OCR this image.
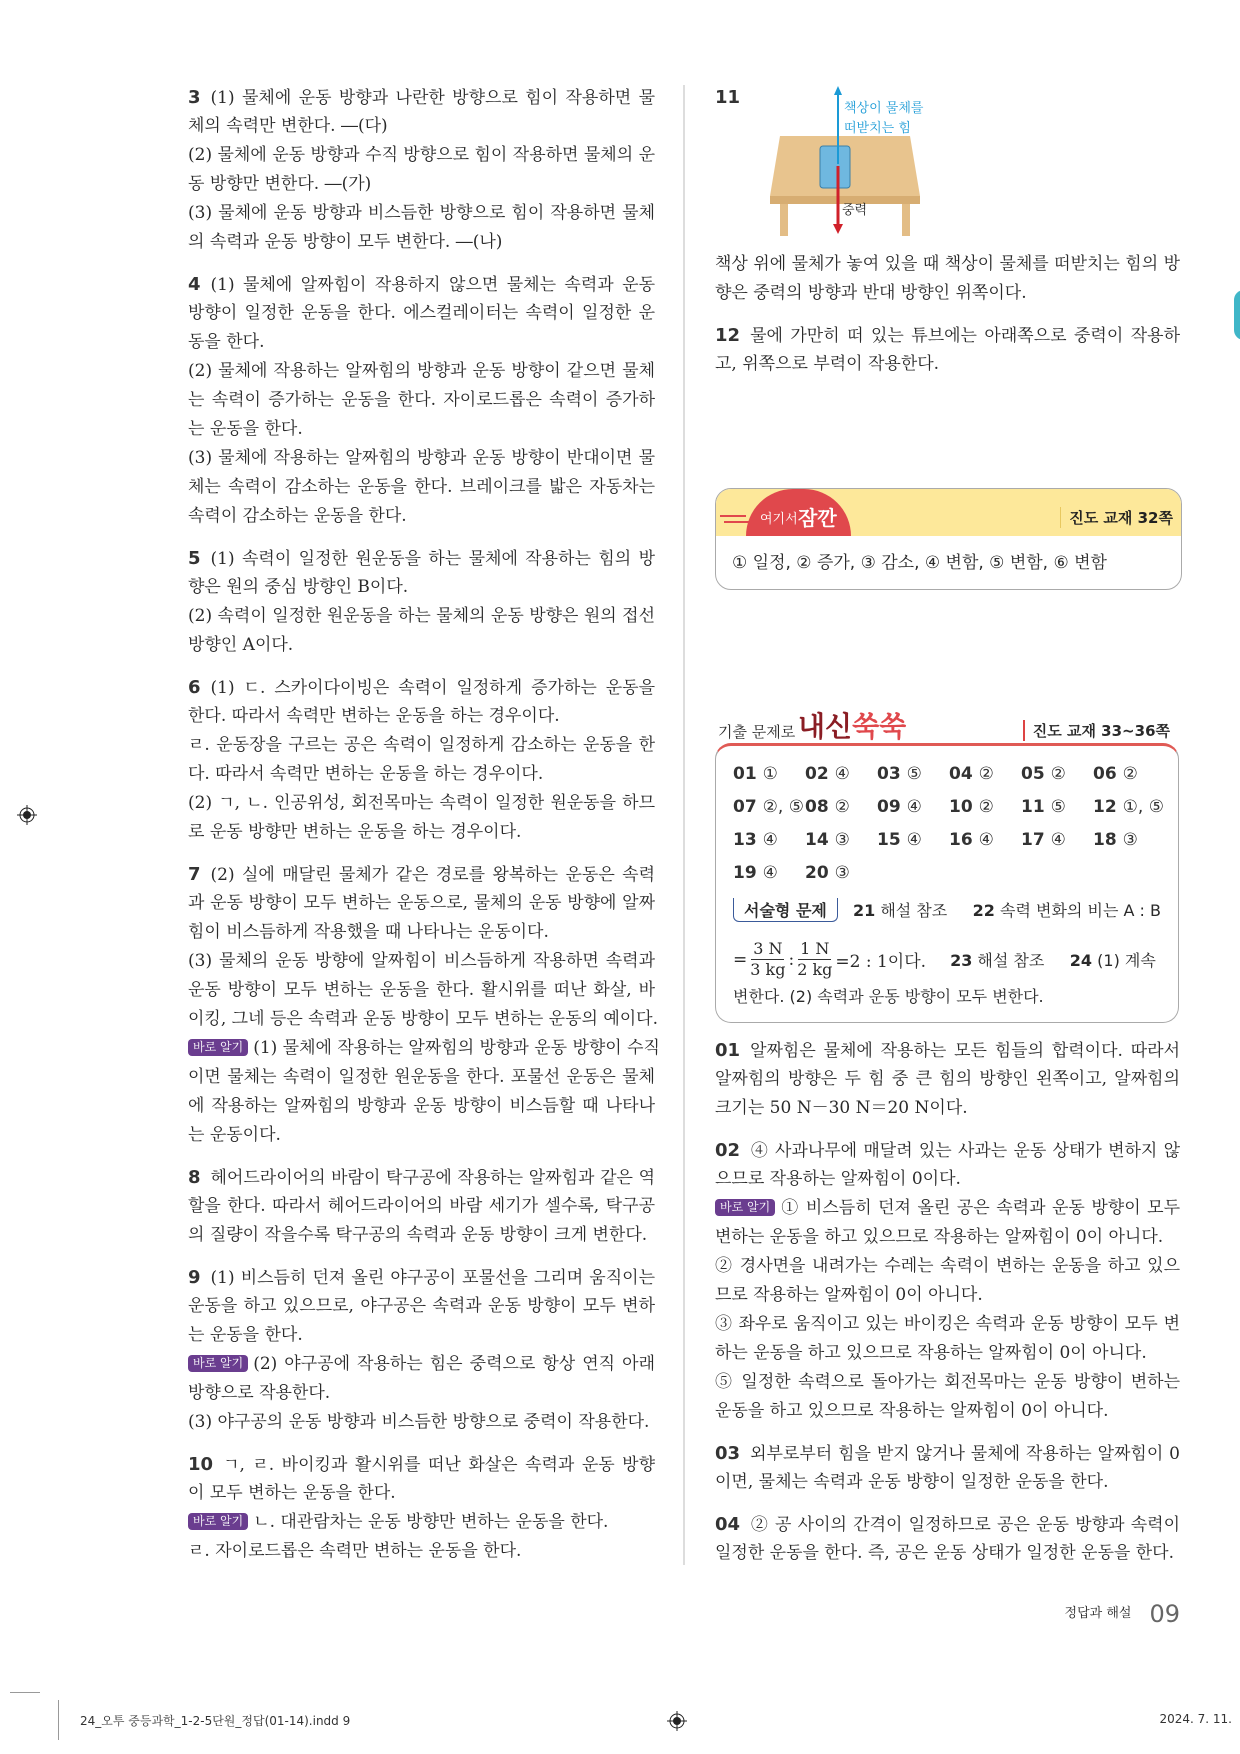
3 (1) 물체에 운동 방향과 나란한 방향으로 힘이 작용하면 물
체의 속력만 변한다. ―(다)
(2) 물체에 운동 방향과 수직 방향으로 힘이 작용하면 물체의 운
동 방향만 변한다. ―(가)
(3) 물체에 운동 방향과 비스듬한 방향으로 힘이 작용하면 물체
의 속력과 운동 방향이 모두 변한다. ―(나)
4 (1) 물체에 알짜힘이 작용하지 않으면 물체는 속력과 운동
방향이 일정한 운동을 한다. 에스컬레이터는 속력이 일정한 운
동을 한다.
(2) 물체에 작용하는 알짜힘의 방향과 운동 방향이 같으면 물체
는 속력이 증가하는 운동을 한다. 자이로드롭은 속력이 증가하
는 운동을 한다.
(3) 물체에 작용하는 알짜힘의 방향과 운동 방향이 반대이면 물
체는 속력이 감소하는 운동을 한다. 브레이크를 밟은 자동차는
속력이 감소하는 운동을 한다.
5 (1) 속력이 일정한 원운동을 하는 물체에 작용하는 힘의 방
향은 원의 중심 방향인 B이다.
(2) 속력이 일정한 원운동을 하는 물체의 운동 방향은 원의 접선
방향인 A이다.
6 (1) ㄷ. 스카이다이빙은 속력이 일정하게 증가하는 운동을
한다. 따라서 속력만 변하는 운동을 하는 경우이다.
ㄹ. 운동장을 구르는 공은 속력이 일정하게 감소하는 운동을 한
다. 따라서 속력만 변하는 운동을 하는 경우이다.
(2) ㄱ, ㄴ. 인공위성, 회전목마는 속력이 일정한 원운동을 하므
로 운동 방향만 변하는 운동을 하는 경우이다.
7 (2) 실에 매달린 물체가 같은 경로를 왕복하는 운동은 속력
과 운동 방향이 모두 변하는 운동으로, 물체의 운동 방향에 알짜
힘이 비스듬하게 작용했을 때 나타나는 운동이다.
(3) 물체의 운동 방향에 알짜힘이 비스듬하게 작용하면 속력과
운동 방향이 모두 변하는 운동을 한다. 활시위를 떠난 화살, 바
이킹, 그네 등은 속력과 운동 방향이 모두 변하는 운동의 예이다.
바로 알기 (1) 물체에 작용하는 알짜힘의 방향과 운동 방향이 수직
이면 물체는 속력이 일정한 원운동을 한다. 포물선 운동은 물체
에 작용하는 알짜힘의 방향과 운동 방향이 비스듬할 때 나타나
는 운동이다.
8 헤어드라이어의 바람이 탁구공에 작용하는 알짜힘과 같은 역
할을 한다. 따라서 헤어드라이어의 바람 세기가 셀수록, 탁구공
의 질량이 작을수록 탁구공의 속력과 운동 방향이 크게 변한다.
9 (1) 비스듬히 던져 올린 야구공이 포물선을 그리며 움직이는
운동을 하고 있으므로, 야구공은 속력과 운동 방향이 모두 변하
는 운동을 한다.
바로 알기 (2) 야구공에 작용하는 힘은 중력으로 항상 연직 아래
방향으로 작용한다.
(3) 야구공의 운동 방향과 비스듬한 방향으로 중력이 작용한다.
10 ㄱ, ㄹ. 바이킹과 활시위를 떠난 화살은 속력과 운동 방향
이 모두 변하는 운동을 한다.
바로 알기 ㄴ. 대관람차는 운동 방향만 변하는 운동을 한다.
ㄹ. 자이로드롭은 속력만 변하는 운동을 한다.
11
책상이 물체를
떠받치는 힘
중력
책상 위에 물체가 놓여 있을 때 책상이 물체를 떠받치는 힘의 방
향은 중력의 방향과 반대 방향인 위쪽이다.
12 물에 가만히 떠 있는 튜브에는 아래쪽으로 중력이 작용하
고, 위쪽으로 부력이 작용한다.
여기서 잠깐	진도 교재 32쪽
① 일정, ② 증가, ③ 감소, ④ 변함, ⑤ 변함, ⑥ 변함
기출 문제로 내신쑥쑥	진도 교재 33~36쪽
01 ①	02 ④	03 ⑤	04 ②	05 ②	06 ②
07 ②, ⑤ 08 ②	09 ④	10 ②	11 ⑤	12 ①, ⑤
13 ④	14 ③	15 ④	16 ④	17 ④	18 ③
19 ④	20 ③
서술형 문제 21 해설 참조 22 속력 변화의 비는 A : B
= $\frac{3 N}{3 kg}$ : $\frac{1 N}{2 kg} =2$ : 1이다. 23 해설 참조 24 (1) 계속
변한다. (2) 속력과 운동 방향이 모두 변한다.
01 알짜힘은 물체에 작용하는 모든 힘들의 합력이다. 따라서
알짜힘의 방향은 두 힘 중 큰 힘의 방향인 왼쪽이고, 알짜힘의
크기는 50 N－30 N＝20 N이다.
02 ④ 사과나무에 매달려 있는 사과는 운동 상태가 변하지 않
으므로 작용하는 알짜힘이 0이다.
바로 알기 ① 비스듬히 던져 올린 공은 속력과 운동 방향이 모두
변하는 운동을 하고 있으므로 작용하는 알짜힘이 0이 아니다.
② 경사면을 내려가는 수레는 속력이 변하는 운동을 하고 있으
므로 작용하는 알짜힘이 0이 아니다.
③ 좌우로 움직이고 있는 바이킹은 속력과 운동 방향이 모두 변
하는 운동을 하고 있으므로 작용하는 알짜힘이 0이 아니다.
⑤ 일정한 속력으로 돌아가는 회전목마는 운동 방향이 변하는
운동을 하고 있으므로 작용하는 알짜힘이 0이 아니다.
03 외부로부터 힘을 받지 않거나 물체에 작용하는 알짜힘이 0
이면, 물체는 속력과 운동 방향이 일정한 운동을 한다.
04 ② 공 사이의 간격이 일정하므로 공은 운동 방향과 속력이
일정한 운동을 한다. 즉, 공은 운동 상태가 일정한 운동을 한다.
$^{정답과 해설}$ 09
24_오투 중등과학_1-2-5단원_정답(01-14).indd 9	2024. 7. 11.
